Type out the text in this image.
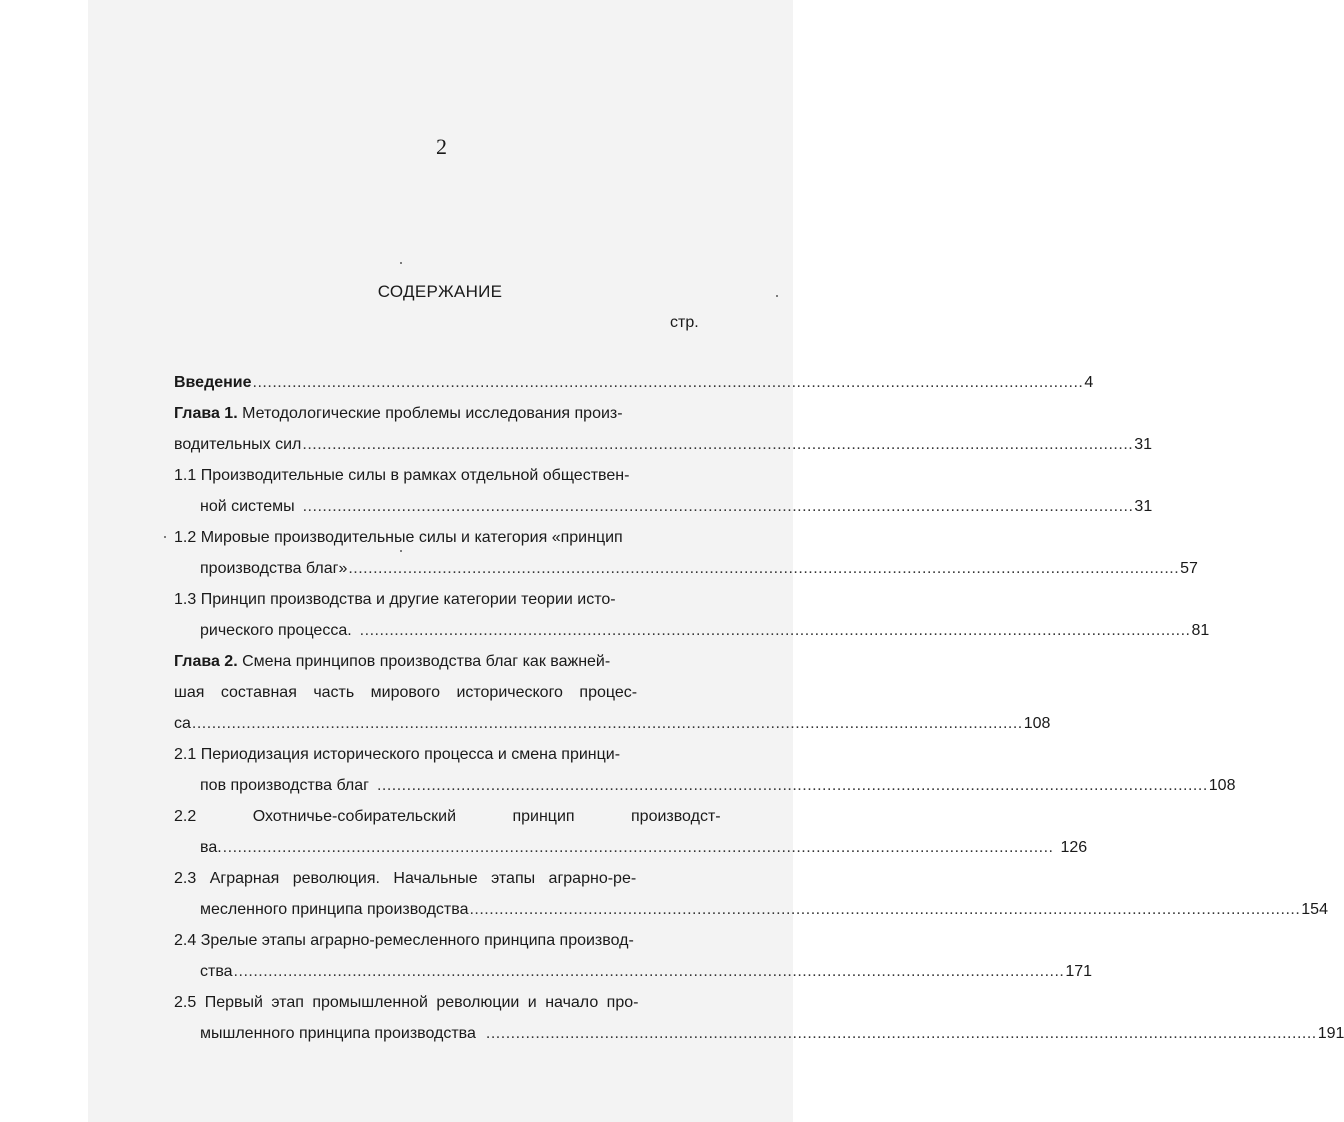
2
СОДЕРЖАНИЕ
стр.
Введение ........................................................................................................................................................................ 4
Глава 1. Методологические проблемы исследования произ-
водительных сил ........................................................................................................................................................................ 31
1.1 Производительные силы в рамках отдельной обществен-
ной системы ........................................................................................................................................................................ 31
1.2 Мировые производительные силы и категория «принцип
производства благ» ........................................................................................................................................................................ 57
1.3 Принцип производства и другие категории теории исто-
рического процесса. ........................................................................................................................................................................ 81
Глава 2. Смена принципов производства благ как важней-
шая составная часть мирового исторического процес-
са ........................................................................................................................................................................ 108
2.1 Периодизация исторического процесса и смена принци-
пов производства благ ........................................................................................................................................................................ 108
2.2 Охотничье-собирательский принцип производст-
ва. ........................................................................................................................................................................ 126
2.3 Аграрная революция. Начальные этапы аграрно-ре-
месленного принципа производства ........................................................................................................................................................................ 154
2.4 Зрелые этапы аграрно-ремесленного принципа производ-
ства ........................................................................................................................................................................ 171
2.5 Первый этап промышленной революции и начало про-
мышленного принципа производства ........................................................................................................................................................................ 191
